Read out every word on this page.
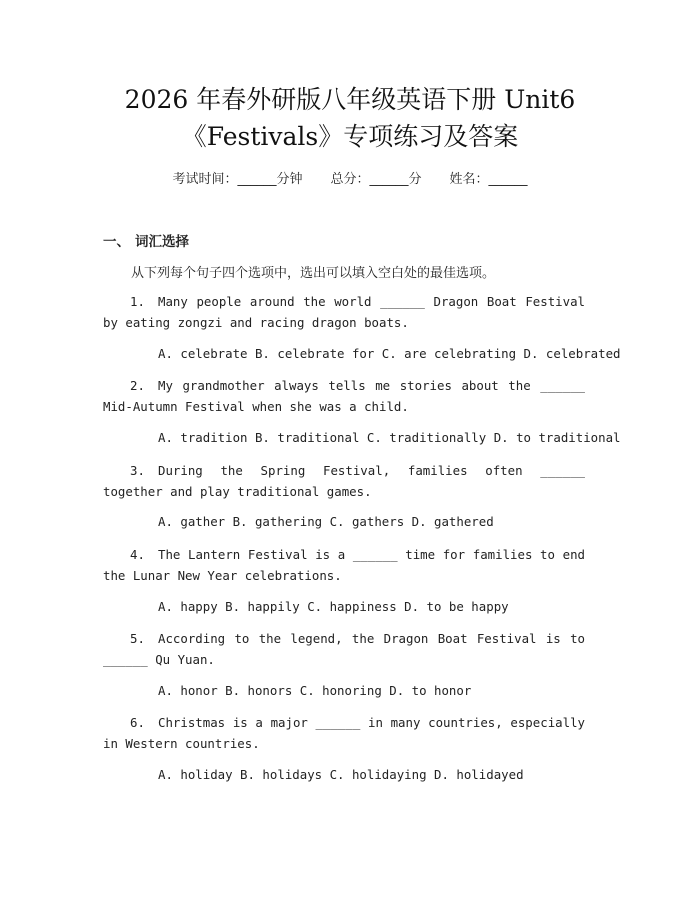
2026 年春外研版八年级英语下册 Unit6
《Festivals》专项练习及答案
考试时间：______分钟 总分：______分 姓名：______
一、 词汇选择
从下列每个句子四个选项中，选出可以填入空白处的最佳选项。
1. Many people around the world ______ Dragon Boat Festival by eating zongzi and racing dragon boats.
A. celebrate B. celebrate for C. are celebrating D. celebrated
2. My grandmother always tells me stories about the ______ Mid-Autumn Festival when she was a child.
A. tradition B. traditional C. traditionally D. to traditional
3. During the Spring Festival, families often ______ together and play traditional games.
A. gather B. gathering C. gathers D. gathered
4. The Lantern Festival is a ______ time for families to end the Lunar New Year celebrations.
A. happy B. happily C. happiness D. to be happy
5. According to the legend, the Dragon Boat Festival is to ______ Qu Yuan.
A. honor B. honors C. honoring D. to honor
6. Christmas is a major ______ in many countries, especially in Western countries.
A. holiday B. holidays C. holidaying D. holidayed
